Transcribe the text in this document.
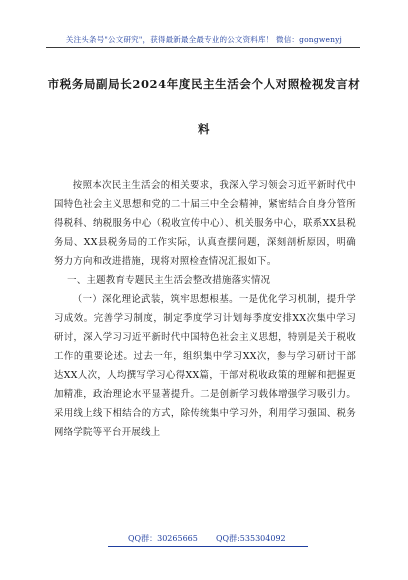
关注头条号"公文研究"，获得最新最全最专业的公文资料库！ 微信：gongwenyj
市税务局副局长2024年度民主生活会个人对照检视发言材
料

按照本次民主生活会的相关要求，我深入学习领会习近平新时代中国特色社会主义思想和党的二十届三中全会精神，紧密结合自身分管所得税科、纳税服务中心（税收宣传中心）、机关服务中心，联系XX县税务局、XX县税务局的工作实际，认真查摆问题，深刻剖析原因，明确努力方向和改进措施，现将对照检查情况汇报如下。

一、主题教育专题民主生活会整改措施落实情况

（一）深化理论武装，筑牢思想根基。一是优化学习机制，提升学习成效。完善学习制度，制定季度学习计划每季度安排XX次集中学习研讨，深入学习习近平新时代中国特色社会主义思想，特别是关于税收工作的重要论述。过去一年，组织集中学习XX次，参与学习研讨干部达XX人次，人均撰写学习心得XX篇，干部对税收政策的理解和把握更加精准，政治理论水平显著提升。二是创新学习载体增强学习吸引力。采用线上线下相结合的方式，除传统集中学习外，利用学习强国、税务网络学院等平台开展线上

QQ群：30265665 QQ群:535304092
